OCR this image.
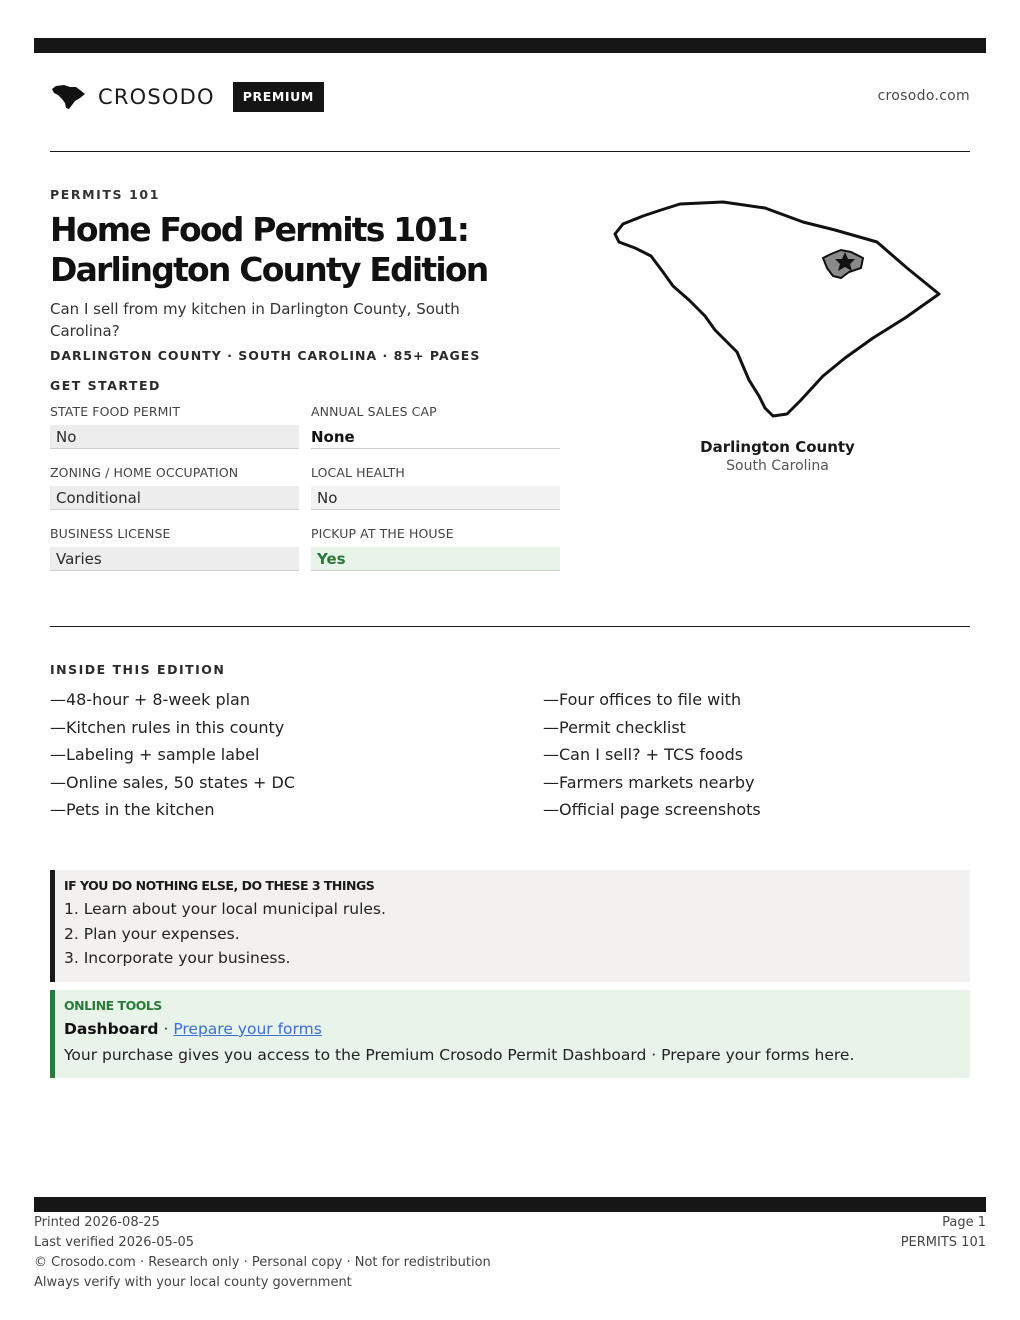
CROSODO	PREMIUM	crosodo.com
PERMITS 101
Home Food Permits 101:
Darlington County Edition
Can I sell from my kitchen in Darlington County, South Carolina?
DARLINGTON COUNTY · SOUTH CAROLINA · 85+ PAGES
GET STARTED
STATE FOOD PERMIT
No
ANNUAL SALES CAP
None
ZONING / HOME OCCUPATION
Conditional
LOCAL HEALTH
No
BUSINESS LICENSE
Varies
PICKUP AT THE HOUSE
Yes
Darlington County
South Carolina
INSIDE THIS EDITION
—48-hour + 8-week plan
—Kitchen rules in this county
—Labeling + sample label
—Online sales, 50 states + DC
—Pets in the kitchen
—Four offices to file with
—Permit checklist
—Can I sell? + TCS foods
—Farmers markets nearby
—Official page screenshots
IF YOU DO NOTHING ELSE, DO THESE 3 THINGS
1. Learn about your local municipal rules.
2. Plan your expenses.
3. Incorporate your business.
ONLINE TOOLS
Dashboard · Prepare your forms
Your purchase gives you access to the Premium Crosodo Permit Dashboard · Prepare your forms here.
Printed 2026-08-25
Last verified 2026-05-05
© Crosodo.com · Research only · Personal copy · Not for redistribution
Always verify with your local county government
Page 1
PERMITS 101
